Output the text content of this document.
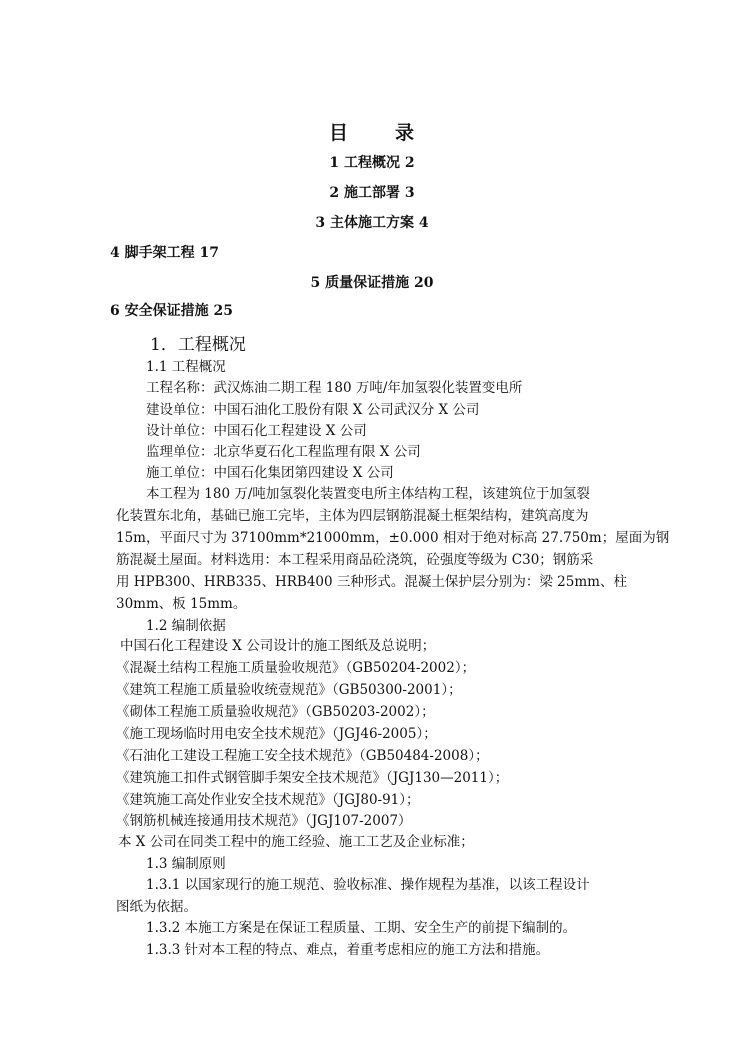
目 录
1 工程概况 2
2 施工部署 3
3 主体施工方案 4
4 脚手架工程 17
5 质量保证措施 20
6 安全保证措施 25
1．工程概况
1.1 工程概况
工程名称：武汉炼油二期工程 180 万吨/年加氢裂化装置变电所
建设单位：中国石油化工股份有限 X 公司武汉分 X 公司
设计单位：中国石化工程建设 X 公司
监理单位：北京华夏石化工程监理有限 X 公司
施工单位：中国石化集团第四建设 X 公司
本工程为 180 万/吨加氢裂化装置变电所主体结构工程，该建筑位于加氢裂
化装置东北角，基础已施工完毕，主体为四层钢筋混凝土框架结构，建筑高度为
15m，平面尺寸为 37100mm*21000mm，±0.000 相对于绝对标高 27.750m；屋面为钢
筋混凝土屋面。材料选用：本工程采用商品砼浇筑，砼强度等级为 C30；钢筋采
用 HPB300、HRB335、HRB400 三种形式。混凝土保护层分别为：梁 25mm、柱
30mm、板 15mm。
1.2 编制依据
中国石化工程建设 X 公司设计的施工图纸及总说明；
《混凝土结构工程施工质量验收规范》（GB50204-2002）；
《建筑工程施工质量验收统壹规范》（GB50300-2001）；
《砌体工程施工质量验收规范》（GB50203-2002）；
《施工现场临时用电安全技术规范》（JGJ46-2005）；
《石油化工建设工程施工安全技术规范》（GB50484-2008）；
《建筑施工扣件式钢管脚手架安全技术规范》（JGJ130—2011）；
《建筑施工高处作业安全技术规范》（JGJ80-91）；
《钢筋机械连接通用技术规范》（JGJ107-2007）
本 X 公司在同类工程中的施工经验、施工工艺及企业标准；
1.3 编制原则
1.3.1 以国家现行的施工规范、验收标准、操作规程为基准，以该工程设计
图纸为依据。
1.3.2 本施工方案是在保证工程质量、工期、安全生产的前提下编制的。
1.3.3 针对本工程的特点、难点，着重考虑相应的施工方法和措施。
